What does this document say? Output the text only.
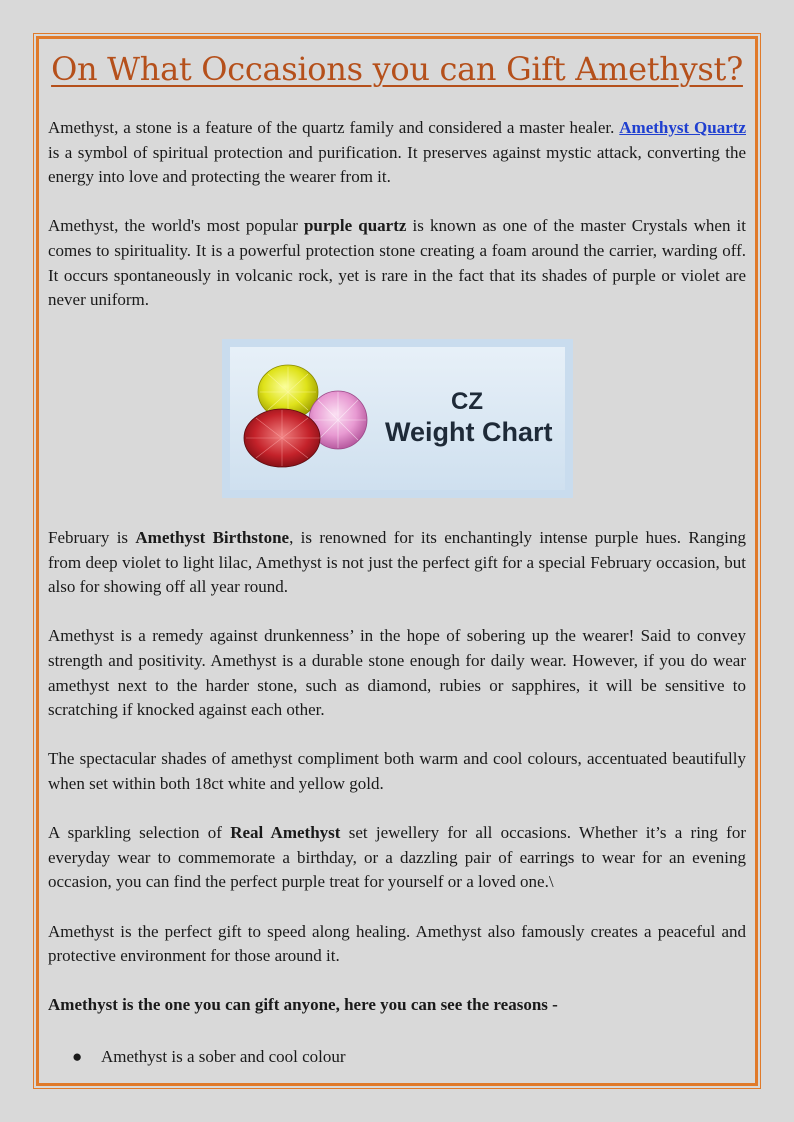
On What Occasions you can Gift Amethyst?

Amethyst, a stone is a feature of the quartz family and considered a master healer. Amethyst Quartz is a symbol of spiritual protection and purification. It preserves against mystic attack, converting the energy into love and protecting the wearer from it.

Amethyst, the world's most popular purple quartz is known as one of the master Crystals when it comes to spirituality. It is a powerful protection stone creating a foam around the carrier, warding off. It occurs spontaneously in volcanic rock, yet is rare in the fact that its shades of purple or violet are never uniform.

CZ
Weight Chart

February is Amethyst Birthstone, is renowned for its enchantingly intense purple hues. Ranging from deep violet to light lilac, Amethyst is not just the perfect gift for a special February occasion, but also for showing off all year round.

Amethyst is a remedy against drunkenness’ in the hope of sobering up the wearer! Said to convey strength and positivity. Amethyst is a durable stone enough for daily wear. However, if you do wear amethyst next to the harder stone, such as diamond, rubies or sapphires, it will be sensitive to scratching if knocked against each other.

The spectacular shades of amethyst compliment both warm and cool colours, accentuated beautifully when set within both 18ct white and yellow gold.

A sparkling selection of Real Amethyst set jewellery for all occasions. Whether it’s a ring for everyday wear to commemorate a birthday, or a dazzling pair of earrings to wear for an evening occasion, you can find the perfect purple treat for yourself or a loved one.\

Amethyst is the perfect gift to speed along healing. Amethyst also famously creates a peaceful and protective environment for those around it.

Amethyst is the one you can gift anyone, here you can see the reasons -

● Amethyst is a sober and cool colour
